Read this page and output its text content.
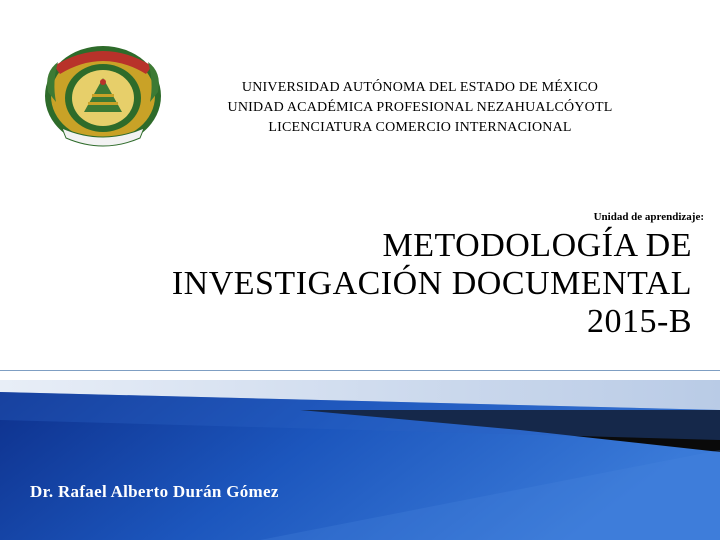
UNIVERSIDAD AUTÓNOMA DEL ESTADO DE MÉXICO
UNIDAD ACADÉMICA PROFESIONAL NEZAHUALCÓYOTL
LICENCIATURA COMERCIO INTERNACIONAL
Unidad de aprendizaje:
METODOLOGÍA DE
INVESTIGACIÓN DOCUMENTAL
2015-B
Dr. Rafael Alberto Durán Gómez
